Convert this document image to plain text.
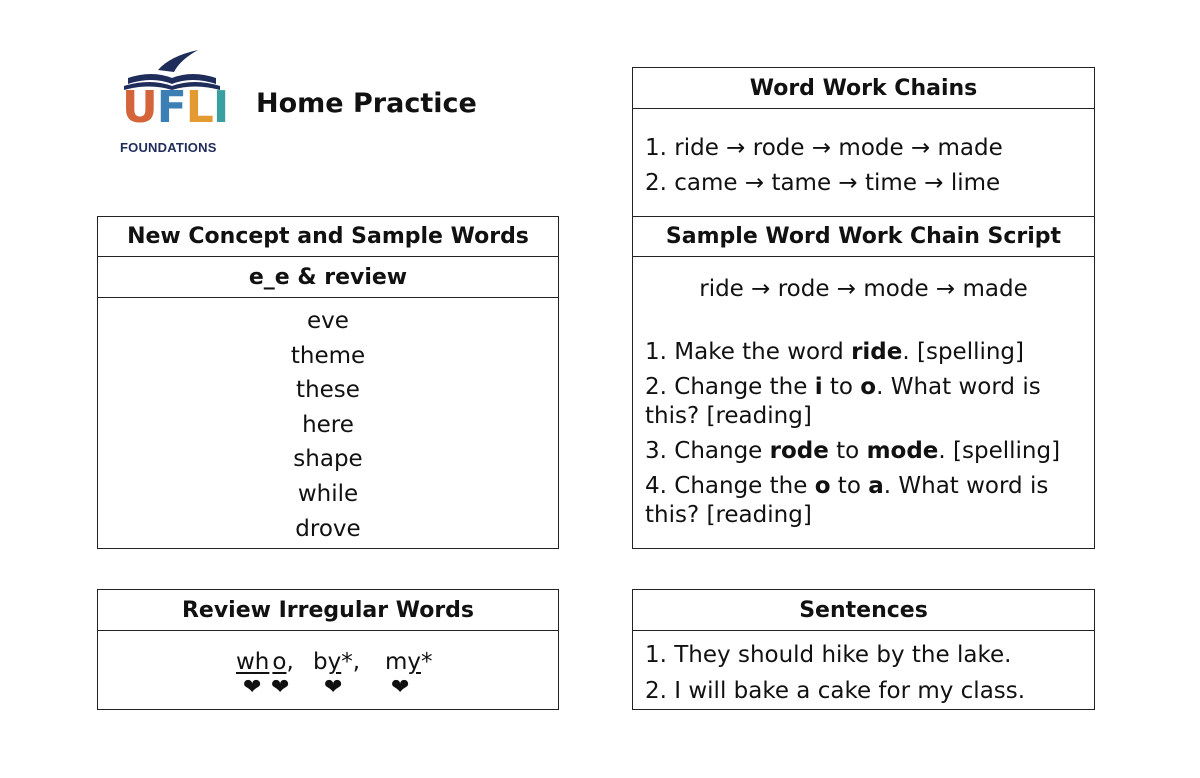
UFLI
FOUNDATIONS
Home Practice
New Concept and Sample Words
e_e & review
eve
theme
these
here
shape
while
drove
Review Irregular Words
wh o, by*, my*
❤ ❤ ❤ ❤
Word Work Chains
1. ride → rode → mode → made
2. came → tame → time → lime
Sample Word Work Chain Script
ride → rode → mode → made
1. Make the word ride. [spelling]
2. Change the i to o. What word is this? [reading]
3. Change rode to mode. [spelling]
4. Change the o to a. What word is this? [reading]
Sentences
1. They should hike by the lake.
2. I will bake a cake for my class.
